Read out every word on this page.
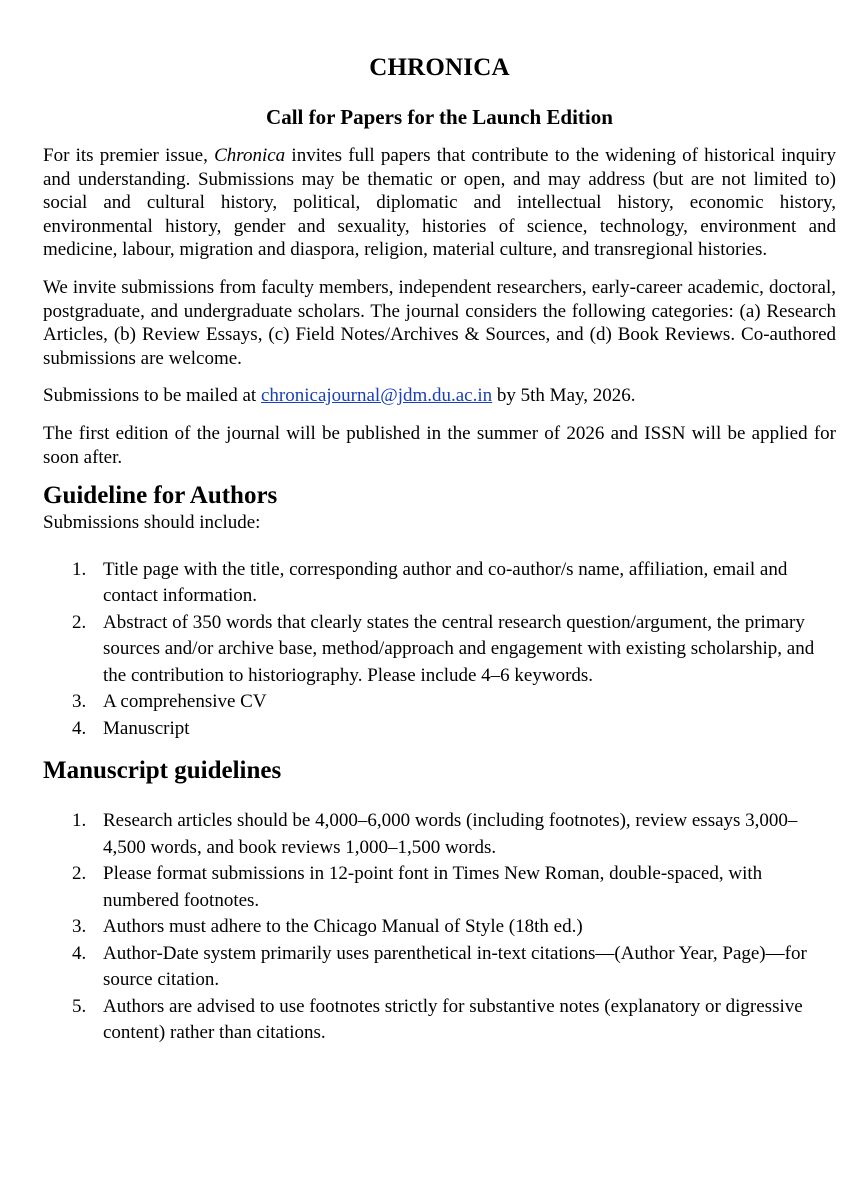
CHRONICA
Call for Papers for the Launch Edition

For its premier issue, Chronica invites full papers that contribute to the widening of historical inquiry and understanding. Submissions may be thematic or open, and may address (but are not limited to) social and cultural history, political, diplomatic and intellectual history, economic history, environmental history, gender and sexuality, histories of science, technology, environment and medicine, labour, migration and diaspora, religion, material culture, and transregional histories.

We invite submissions from faculty members, independent researchers, early-career academic, doctoral, postgraduate, and undergraduate scholars. The journal considers the following categories: (a) Research Articles, (b) Review Essays, (c) Field Notes/Archives & Sources, and (d) Book Reviews. Co-authored submissions are welcome.

Submissions to be mailed at chronicajournal@jdm.du.ac.in by 5th May, 2026.

The first edition of the journal will be published in the summer of 2026 and ISSN will be applied for soon after.

Guideline for Authors

Submissions should include:

1. Title page with the title, corresponding author and co-author/s name, affiliation, email and contact information.
2. Abstract of 350 words that clearly states the central research question/argument, the primary sources and/or archive base, method/approach and engagement with existing scholarship, and the contribution to historiography. Please include 4–6 keywords.
3. A comprehensive CV
4. Manuscript
Manuscript guidelines
1. Research articles should be 4,000–6,000 words (including footnotes), review essays 3,000–4,500 words, and book reviews 1,000–1,500 words.
2. Please format submissions in 12-point font in Times New Roman, double-spaced, with numbered footnotes.
3. Authors must adhere to the Chicago Manual of Style (18th ed.)
4. Author-Date system primarily uses parenthetical in-text citations—(Author Year, Page)—for source citation.
5. Authors are advised to use footnotes strictly for substantive notes (explanatory or digressive content) rather than citations.
